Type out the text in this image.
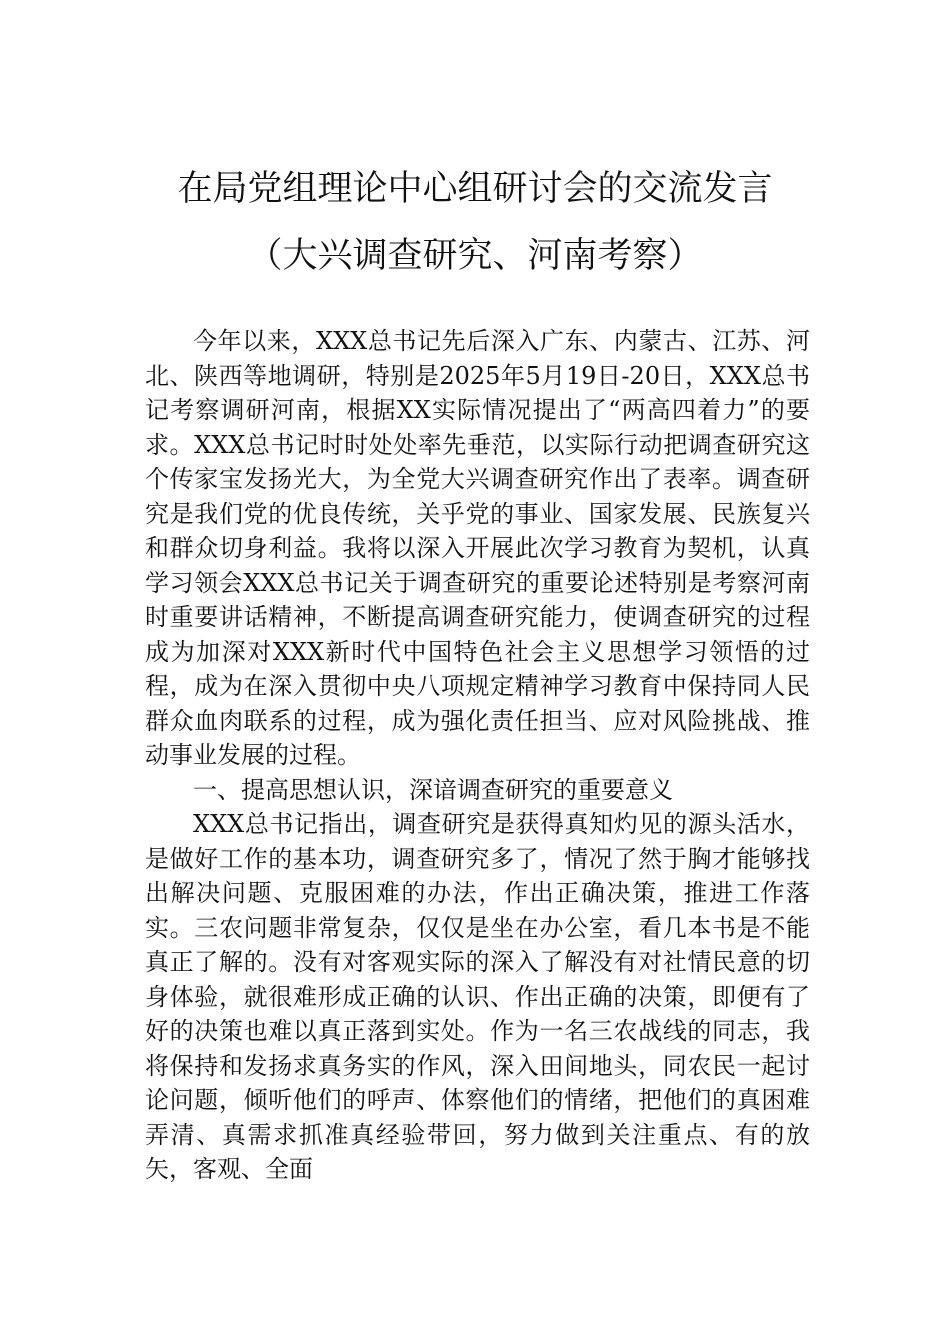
在局党组理论中心组研讨会的交流发言
（大兴调查研究、河南考察）

今年以来，XXX总书记先后深入广东、内蒙古、江苏、河北、陕西等地调研，特别是2025年5月19日-20日，XXX总书记考察调研河南，根据XX实际情况提出了“两高四着力”的要求。XXX总书记时时处处率先垂范，以实际行动把调查研究这个传家宝发扬光大，为全党大兴调查研究作出了表率。调查研究是我们党的优良传统，关乎党的事业、国家发展、民族复兴和群众切身利益。我将以深入开展此次学习教育为契机，认真学习领会XXX总书记关于调查研究的重要论述特别是考察河南时重要讲话精神，不断提高调查研究能力，使调查研究的过程成为加深对XXX新时代中国特色社会主义思想学习领悟的过程，成为在深入贯彻中央八项规定精神学习教育中保持同人民群众血肉联系的过程，成为强化责任担当、应对风险挑战、推动事业发展的过程。

一、提高思想认识，深谙调查研究的重要意义

XXX总书记指出，调查研究是获得真知灼见的源头活水，是做好工作的基本功，调查研究多了，情况了然于胸才能够找出解决问题、克服困难的办法，作出正确决策，推进工作落实。三农问题非常复杂，仅仅是坐在办公室，看几本书是不能真正了解的。没有对客观实际的深入了解没有对社情民意的切身体验，就很难形成正确的认识、作出正确的决策，即便有了好的决策也难以真正落到实处。作为一名三农战线的同志，我将保持和发扬求真务实的作风，深入田间地头，同农民一起讨论问题，倾听他们的呼声、体察他们的情绪，把他们的真困难弄清、真需求抓准真经验带回，努力做到关注重点、有的放矢，客观、全面
